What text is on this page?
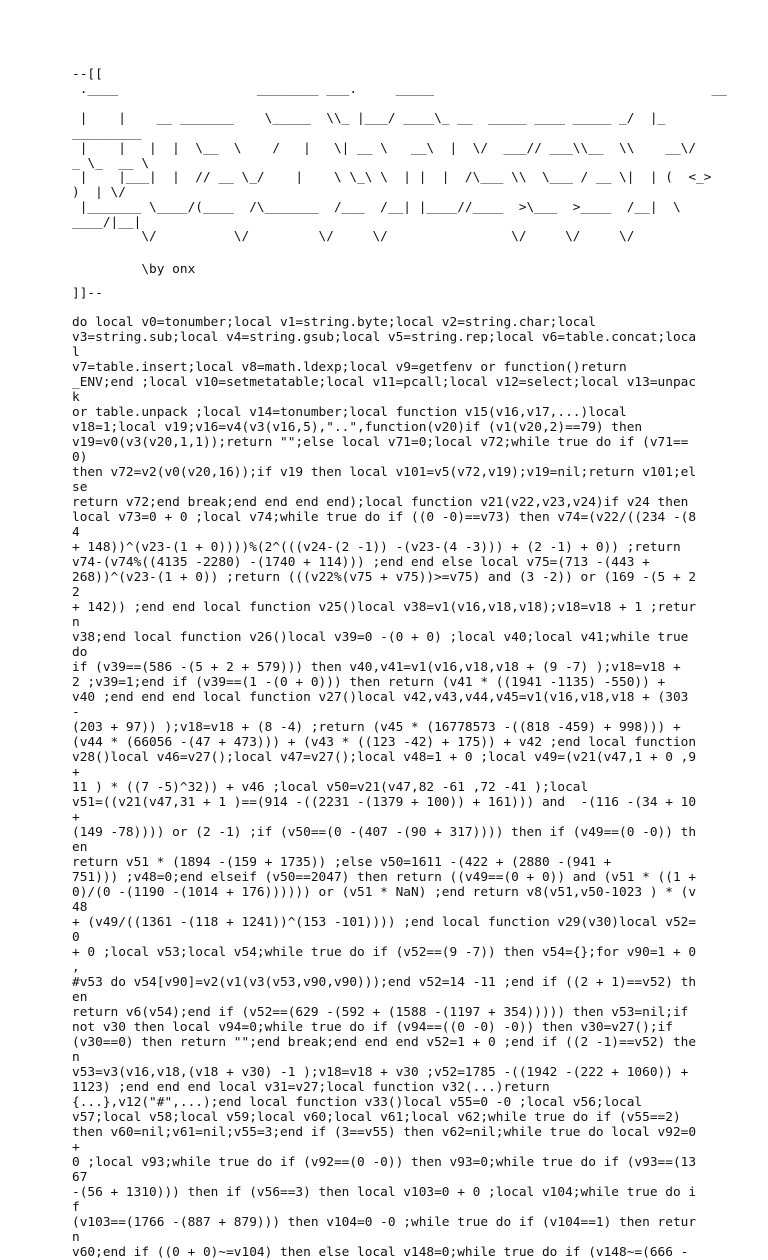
--[[
.____                  ________ ___.     _____                                    __

|    |    __ _______    \_____  \\_ |___/ ____\_ __  _____ ____ _____ _/  |_
_________
|    |   |  |  \__  \    /   |   \| __ \   __\  |  \/  ___// ___\\__  \\    __\/
_ \_  __ \
|    |___|  |  // __ \_/    |    \ \_\ \  | |  |  /\___ \\  \___ / __ \|  | (  <_>
)  | \/
|_______ \____/(____  /\_______  /___  /__| |____//____  >\___  >____  /__|  \
____/|__|
\/          \/         \/     \/                \/     \/     \/
\by onx
]]--
do local v0=tonumber;local v1=string.byte;local v2=string.char;local
v3=string.sub;local v4=string.gsub;local v5=string.rep;local v6=table.concat;local
v7=table.insert;local v8=math.ldexp;local v9=getfenv or function()return
_ENV;end ;local v10=setmetatable;local v11=pcall;local v12=select;local v13=unpack
or table.unpack ;local v14=tonumber;local function v15(v16,v17,...)local
v18=1;local v19;v16=v4(v3(v16,5),"..",function(v20)if (v1(v20,2)==79) then
v19=v0(v3(v20,1,1));return "";else local v71=0;local v72;while true do if (v71==0)
then v72=v2(v0(v20,16));if v19 then local v101=v5(v72,v19);v19=nil;return v101;else
return v72;end break;end end end end);local function v21(v22,v23,v24)if v24 then
local v73=0 + 0 ;local v74;while true do if ((0 -0)==v73) then v74=(v22/((234 -(84
+ 148))^(v23-(1 + 0))))%(2^(((v24-(2 -1)) -(v23-(4 -3))) + (2 -1) + 0)) ;return
v74-(v74%((4135 -2280) -(1740 + 114))) ;end end else local v75=(713 -(443 +
268))^(v23-(1 + 0)) ;return (((v22%(v75 + v75))>=v75) and (3 -2)) or (169 -(5 + 22
+ 142)) ;end end local function v25()local v38=v1(v16,v18,v18);v18=v18 + 1 ;return
v38;end local function v26()local v39=0 -(0 + 0) ;local v40;local v41;while true do
if (v39==(586 -(5 + 2 + 579))) then v40,v41=v1(v16,v18,v18 + (9 -7) );v18=v18 +
2 ;v39=1;end if (v39==(1 -(0 + 0))) then return (v41 * ((1941 -1135) -550)) +
v40 ;end end end local function v27()local v42,v43,v44,v45=v1(v16,v18,v18 + (303 -
(203 + 97)) );v18=v18 + (8 -4) ;return (v45 * (16778573 -((818 -459) + 998))) +
(v44 * (66056 -(47 + 473))) + (v43 * ((123 -42) + 175)) + v42 ;end local function
v28()local v46=v27();local v47=v27();local v48=1 + 0 ;local v49=(v21(v47,1 + 0 ,9 +
11 ) * ((7 -5)^32)) + v46 ;local v50=v21(v47,82 -61 ,72 -41 );local
v51=((v21(v47,31 + 1 )==(914 -((2231 -(1379 + 100)) + 161))) and  -(116 -(34 + 10 +
(149 -78)))) or (2 -1) ;if (v50==(0 -(407 -(90 + 317)))) then if (v49==(0 -0)) then
return v51 * (1894 -(159 + 1735)) ;else v50=1611 -(422 + (2880 -(941 +
751))) ;v48=0;end elseif (v50==2047) then return ((v49==(0 + 0)) and (v51 * ((1 +
0)/(0 -(1190 -(1014 + 176)))))) or (v51 * NaN) ;end return v8(v51,v50-1023 ) * (v48
+ (v49/((1361 -(118 + 1241))^(153 -101)))) ;end local function v29(v30)local v52=0
+ 0 ;local v53;local v54;while true do if (v52==(9 -7)) then v54={};for v90=1 + 0 ,
#v53 do v54[v90]=v2(v1(v3(v53,v90,v90)));end v52=14 -11 ;end if ((2 + 1)==v52) then
return v6(v54);end if (v52==(629 -(592 + (1588 -(1197 + 354))))) then v53=nil;if
not v30 then local v94=0;while true do if (v94==((0 -0) -0)) then v30=v27();if
(v30==0) then return "";end break;end end end v52=1 + 0 ;end if ((2 -1)==v52) then
v53=v3(v16,v18,(v18 + v30) -1 );v18=v18 + v30 ;v52=1785 -((1942 -(222 + 1060)) +
1123) ;end end end local v31=v27;local function v32(...)return
{...},v12("#",...);end local function v33()local v55=0 -0 ;local v56;local
v57;local v58;local v59;local v60;local v61;local v62;while true do if (v55==2)
then v60=nil;v61=nil;v55=3;end if (3==v55) then v62=nil;while true do local v92=0 +
0 ;local v93;while true do if (v92==(0 -0)) then v93=0;while true do if (v93==(1367
-(56 + 1310))) then if (v56==3) then local v103=0 + 0 ;local v104;while true do if
(v103==(1766 -(887 + 879))) then v104=0 -0 ;while true do if (v104==1) then return
v60;end if ((0 + 0)~=v104) then else local v148=0;while true do if (v148~=(666 -
